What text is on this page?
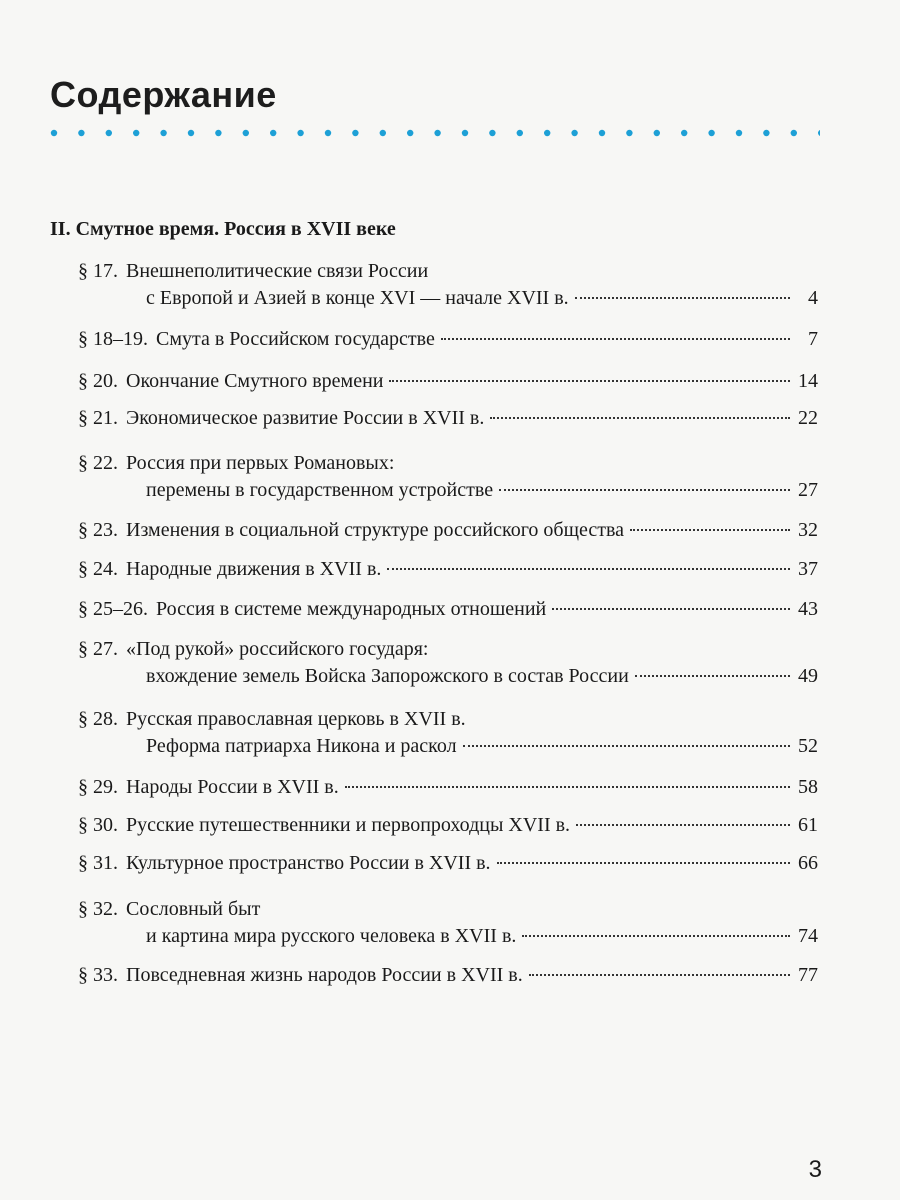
Содержание
II. Смутное время. Россия в XVII веке
§ 17. Внешнеполитические связи России
с Европой и Азией в конце XVI — начале XVII в.	4
§ 18–19. Смута в Российском государстве	7
§ 20. Окончание Смутного времени	14
§ 21. Экономическое развитие России в XVII в.	22
§ 22. Россия при первых Романовых:
перемены в государственном устройстве	27
§ 23. Изменения в социальной структуре российского общества	32
§ 24. Народные движения в XVII в.	37
§ 25–26. Россия в системе международных отношений	43
§ 27. «Под рукой» российского государя:
вхождение земель Войска Запорожского в состав России	49
§ 28. Русская православная церковь в XVII в.
Реформа патриарха Никона и раскол	52
§ 29. Народы России в XVII в.	58
§ 30. Русские путешественники и первопроходцы XVII в.	61
§ 31. Культурное пространство России в XVII в.	66
§ 32. Сословный быт
и картина мира русского человека в XVII в.	74
§ 33. Повседневная жизнь народов России в XVII в.	77
3
